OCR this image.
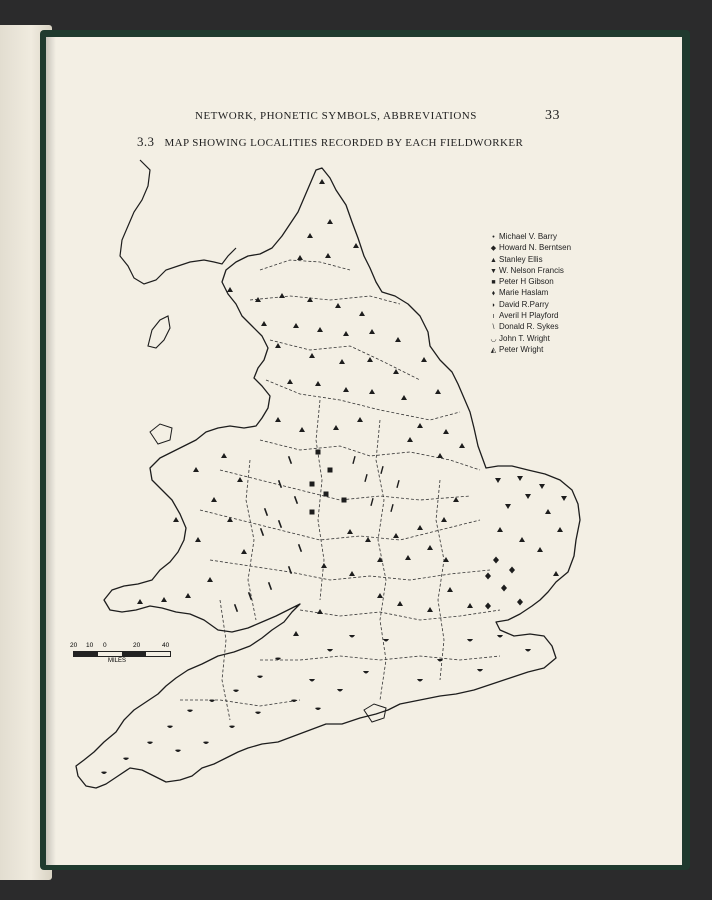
NETWORK, PHONETIC SYMBOLS, ABBREVIATIONS	33
3.3 MAP SHOWING LOCALITIES RECORDED BY EACH FIELDWORKER
• Michael V. Barry
◆ Howard N. Berntsen
▲ Stanley Ellis
▼ W. Nelson Francis
■ Peter H Gibson
⬧ Marie Haslam
◗ David R.Parry
ı Averil H Playford
\ Donald R. Sykes
◡ John T. Wright
◭ Peter Wright
20 10 0	20	40
MILES
